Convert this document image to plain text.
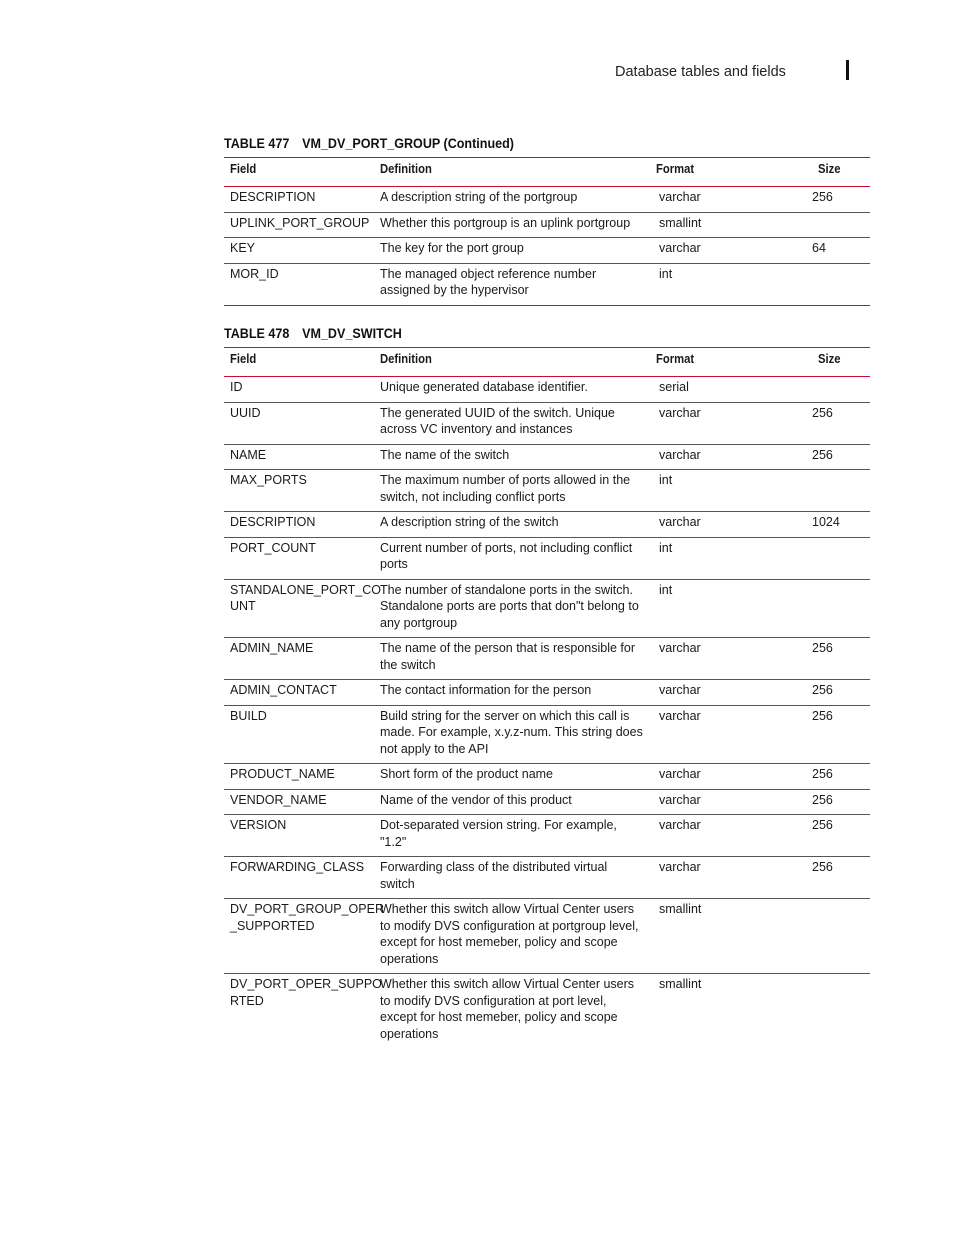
Database tables and fields
TABLE 477 VM_DV_PORT_GROUP (Continued)
Field	Definition	Format	Size
DESCRIPTION	A description string of the portgroup	varchar	256
UPLINK_PORT_GROUP	Whether this portgroup is an uplink portgroup	smallint	
KEY	The key for the port group	varchar	64
MOR_ID	The managed object reference number assigned by the hypervisor	int	
TABLE 478 VM_DV_SWITCH
Field	Definition	Format	Size
ID	Unique generated database identifier.	serial	
UUID	The generated UUID of the switch. Unique across VC inventory and instances	varchar	256
NAME	The name of the switch	varchar	256
MAX_PORTS	The maximum number of ports allowed in the switch, not including conflict ports	int	
DESCRIPTION	A description string of the switch	varchar	1024
PORT_COUNT	Current number of ports, not including conflict ports	int	
STANDALONE_PORT_CO UNT	The number of standalone ports in the switch. Standalone ports are ports that don"t belong to any portgroup	int	
ADMIN_NAME	The name of the person that is responsible for the switch	varchar	256
ADMIN_CONTACT	The contact information for the person	varchar	256
BUILD	Build string for the server on which this call is made. For example, x.y.z-num. This string does not apply to the API	varchar	256
PRODUCT_NAME	Short form of the product name	varchar	256
VENDOR_NAME	Name of the vendor of this product	varchar	256
VERSION	Dot-separated version string. For example, "1.2"	varchar	256
FORWARDING_CLASS	Forwarding class of the distributed virtual switch	varchar	256
DV_PORT_GROUP_OPER _SUPPORTED	Whether this switch allow Virtual Center users to modify DVS configuration at portgroup level, except for host memeber, policy and scope operations	smallint	
DV_PORT_OPER_SUPPO RTED	Whether this switch allow Virtual Center users to modify DVS configuration at port level, except for host memeber, policy and scope operations	smallint	
